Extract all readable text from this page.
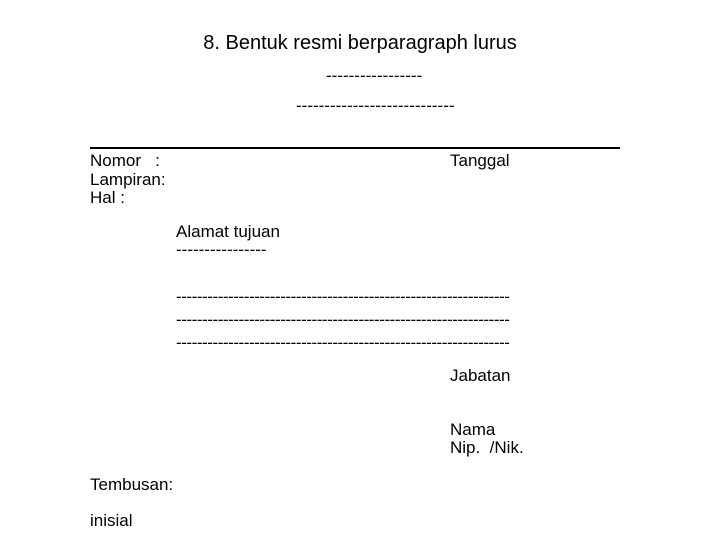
8. Bentuk resmi berparagraph lurus
-----------------
----------------------------
Nomor   :
Lampiran:
Hal :
Tanggal
Alamat tujuan
----------------
----------------------------------------------------------------
----------------------------------------------------------------
----------------------------------------------------------------
Jabatan
Nama
Nip.  /Nik.
Tembusan:
inisial
